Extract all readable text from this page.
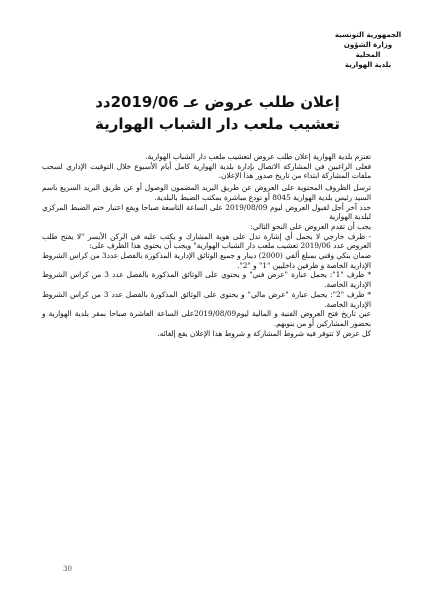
الجمهورية التونسية
وزارة الشؤون
المحلية
بلدية الهوارية
إعلان طلب عروض عـ 2019/06دد
تعشيب ملعب دار الشباب الهوارية

تعتزم بلدية الهوارية إعلان طلب عروض لتعشيب ملعب دار الشباب الهوارية.

فعلى الراغبين في المشاركة الاتصال بإدارة بلدية الهوارية كامل أيام الأسبوع خلال التوقيت الإداري لسحب ملفات المشاركة ابتداء من تاريخ صدور هذا الإعلان.

ترسل الظروف المحتوية على العروض عن طريق البريد المضمون الوصول أو عن طريق البريد السريع باسم السيد رئيس بلدية الهوارية 8045 أو تودع مباشرة بمكتب الضبط بالبلدية.

حدد آخر أجل لقبول العروض ليوم 2019/08/09 على الساعة التاسعة صباحا ويقع اعتبار ختم الضبط المركزي لبلدية الهوارية

يجب أن تقدم العروض على النحو التالي:

- ظرف خارجي لا يحمل أي إشارة تدل على هوية المشارك و يكتب عليه في الركن الأيسر "لا يفتح طلب العروض عدد 2019/06 تعشيب ملعب دار الشباب الهوارية" ويجب أن يحتوي هذا الظرف على:

ضمان بنكي وقتي بمبلغ ألفي (2000) دينار و جميع الوثائق الإدارية المذكورة بالفصل عدد3 من كراس الشروط الإدارية الخاصة و ظرفين داخليين "1" و "2".

* ظرف "1": يحمل عبارة "عرض فني" و يحتوي على الوثائق المذكورة بالفصل عدد 3 من كراس الشروط الإدارية الخاصة.

* ظرف "2": يحمل عبارة "عرض مالي" و يحتوي على الوثائق المذكورة بالفصل عدد 3 من كراس الشروط الإدارية الخاصة.

عين تاريخ فتح العروض الفنية و المالية ليوم2019/08/09على الساعة العاشرة صباحا بمقر بلدية الهوارية و بحضور المشاركين أو من ينوبهم.

كل عرض لا تتوفر فيه شروط المشاركة و شروط هذا الإعلان يقع إلغائه.

30
